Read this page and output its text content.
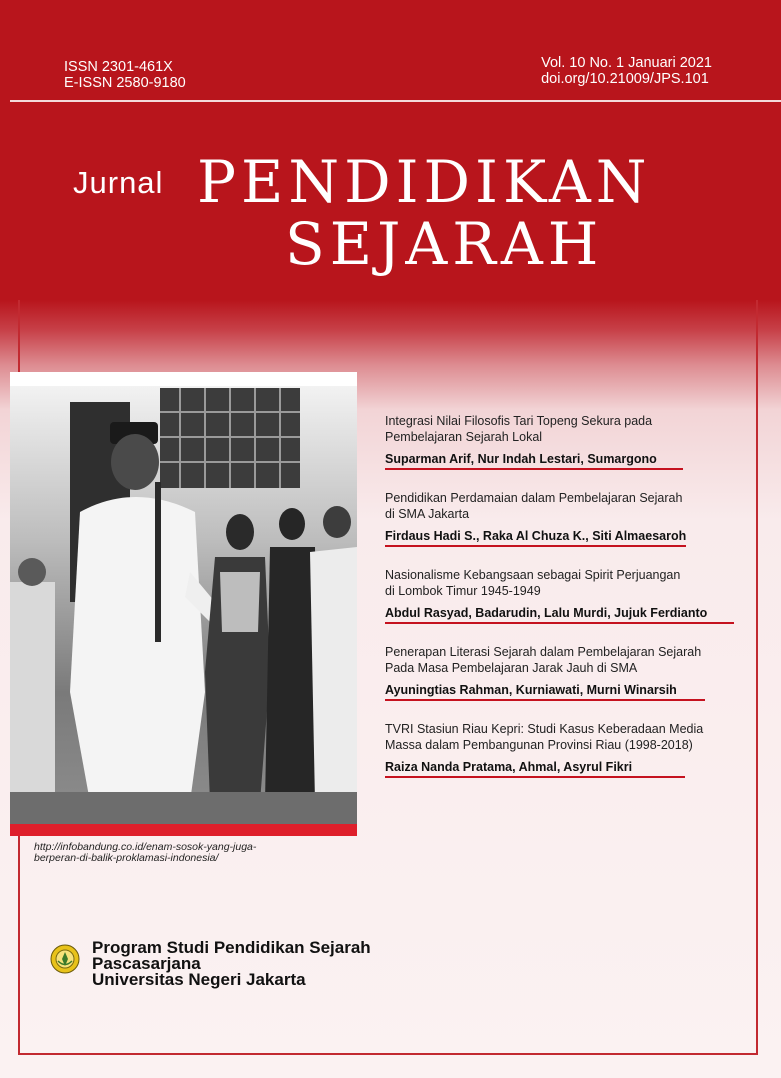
ISSN 2301-461X
E-ISSN 2580-9180
Vol. 10 No. 1 Januari 2021
doi.org/10.21009/JPS.101
Jurnal PENDIDIKAN
SEJARAH
http://infobandung.co.id/enam-sosok-yang-juga-
berperan-di-balik-proklamasi-indonesia/
Integrasi Nilai Filosofis Tari Topeng Sekura pada
Pembelajaran Sejarah Lokal
Suparman Arif, Nur Indah Lestari, Sumargono
Pendidikan Perdamaian dalam Pembelajaran Sejarah
di SMA Jakarta
Firdaus Hadi S., Raka Al Chuza K., Siti Almaesaroh
Nasionalisme Kebangsaan sebagai Spirit Perjuangan
di Lombok Timur 1945-1949
Abdul Rasyad, Badarudin, Lalu Murdi, Jujuk Ferdianto
Penerapan Literasi Sejarah dalam Pembelajaran Sejarah
Pada Masa Pembelajaran Jarak Jauh di SMA
Ayuningtias Rahman, Kurniawati, Murni Winarsih
TVRI Stasiun Riau Kepri: Studi Kasus Keberadaan Media
Massa dalam Pembangunan Provinsi Riau (1998-2018)
Raiza Nanda Pratama, Ahmal, Asyrul Fikri
Program Studi Pendidikan Sejarah
Pascasarjana
Universitas Negeri Jakarta
